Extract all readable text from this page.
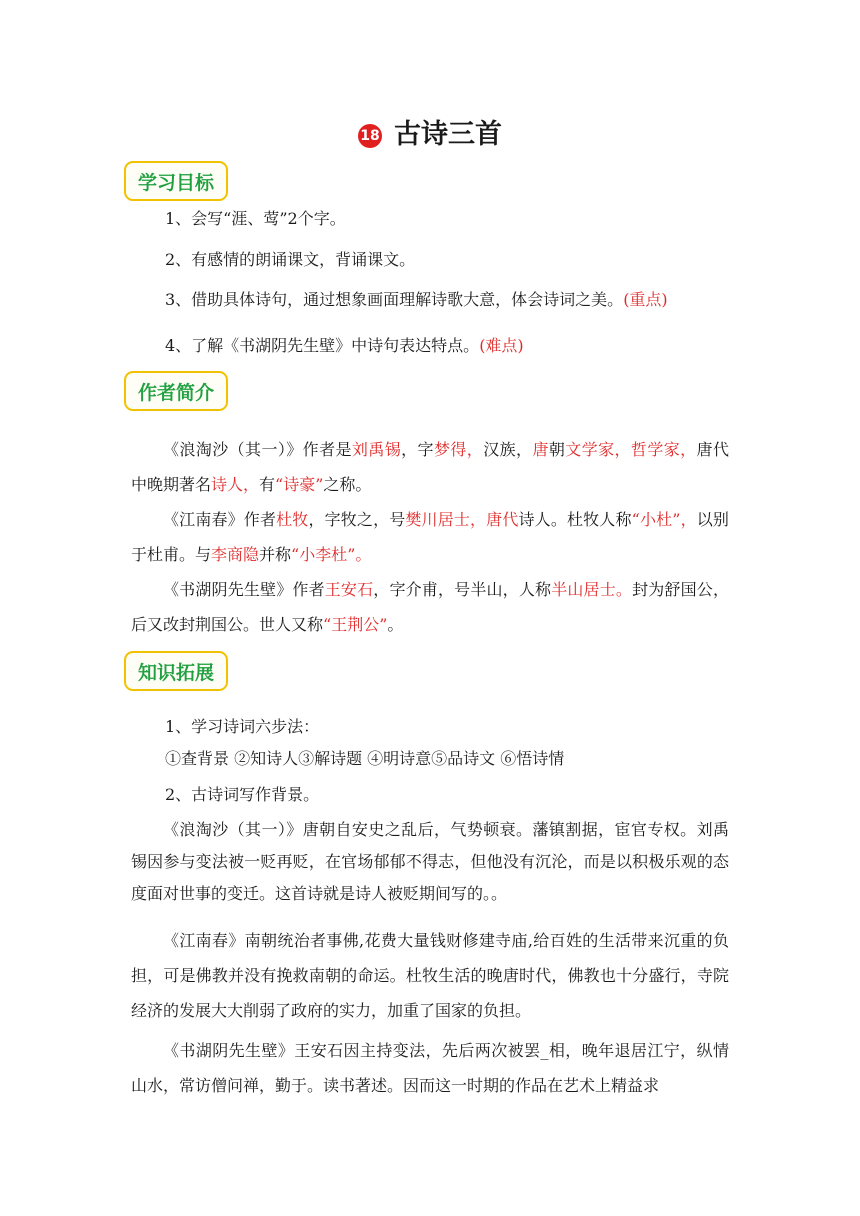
18 古诗三首
学习目标
1、会写“涯、莺”2个字。
2、有感情的朗诵课文，背诵课文。
3、借助具体诗句，通过想象画面理解诗歌大意，体会诗词之美。(重点)
4、了解《书湖阴先生壁》中诗句表达特点。(难点)
作者简介
《浪淘沙（其一）》作者是刘禹锡，字梦得，汉族，唐朝文学家，哲学家，唐代中晚期著名诗人，有“诗豪”之称。
《江南春》作者杜牧，字牧之，号樊川居士，唐代诗人。杜牧人称“小杜”，以别于杜甫。与李商隐并称“小李杜”。
《书湖阴先生壁》作者王安石，字介甫，号半山，人称半山居士。封为舒国公，后又改封荆国公。世人又称“王荆公”。
知识拓展
1、学习诗词六步法：
①查背景 ②知诗人③解诗题 ④明诗意⑤品诗文 ⑥悟诗情
2、古诗词写作背景。
《浪淘沙（其一）》唐朝自安史之乱后，气势顿衰。藩镇割据，宦官专权。刘禹锡因参与变法被一贬再贬，在官场郁郁不得志，但他没有沉沦，而是以积极乐观的态度面对世事的变迁。这首诗就是诗人被贬期间写的。。
《江南春》南朝统治者事佛,花费大量钱财修建寺庙,给百姓的生活带来沉重的负担，可是佛教并没有挽救南朝的命运。杜牧生活的晚唐时代，佛教也十分盛行，寺院经济的发展大大削弱了政府的实力，加重了国家的负担。
《书湖阴先生壁》王安石因主持变法，先后两次被罢_相，晚年退居江宁，纵情山水，常访僧问禅，勤于。读书著述。因而这一时期的作品在艺术上精益求
